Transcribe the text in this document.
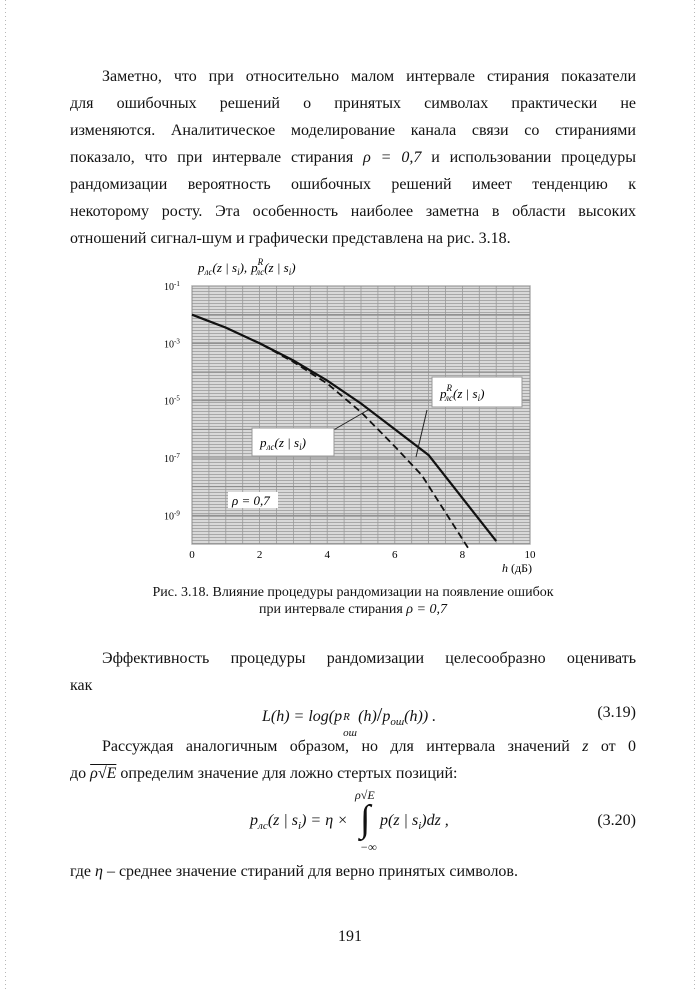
Заметно, что при относительно малом интервале стирания показатели
для ошибочных решений о принятых символах практически не
изменяются. Аналитическое моделирование канала связи со стираниями
показало, что при интервале стирания ρ = 0,7 и использовании процедуры
рандомизации вероятность ошибочных решений имеет тенденцию к
некоторому росту. Эта особенность наиболее заметна в области высоких
отношений сигнал-шум и графически представлена на рис. 3.18.
$p_{лс}(z$ | $s_i$), $p^R$ лс(z | $s_i$)
$10^{-1}$
$10^{-3}$
$10^{-5}$
$10^{-7}$
$10^{-9}$
0	2	4	6	8	10
$p^R$ лс(z | $s_i$)
$p_{лс}(z$ | $s_i$)
ρ = 0,7
h (дБ)
Рис. 3.18. Влияние процедуры рандомизации на появление ошибок
при интервале стирания ρ = 0,7
Эффективность процедуры рандомизации целесообразно оценивать
как
L(h) = log(p R
ош
$(h)/p_{ош}(h)$) .	(3.19)
Рассуждая аналогичным образом, но для интервала значений z от 0
до ρ√E определим значение для ложно стертых позиций:
$p_{лс}(z$ | $s_i) = \eta$ ×
ρ√E
∫
−∞
p(z | $s_i)dz$ ,	(3.20)
где η – среднее значение стираний для верно принятых символов.
191
